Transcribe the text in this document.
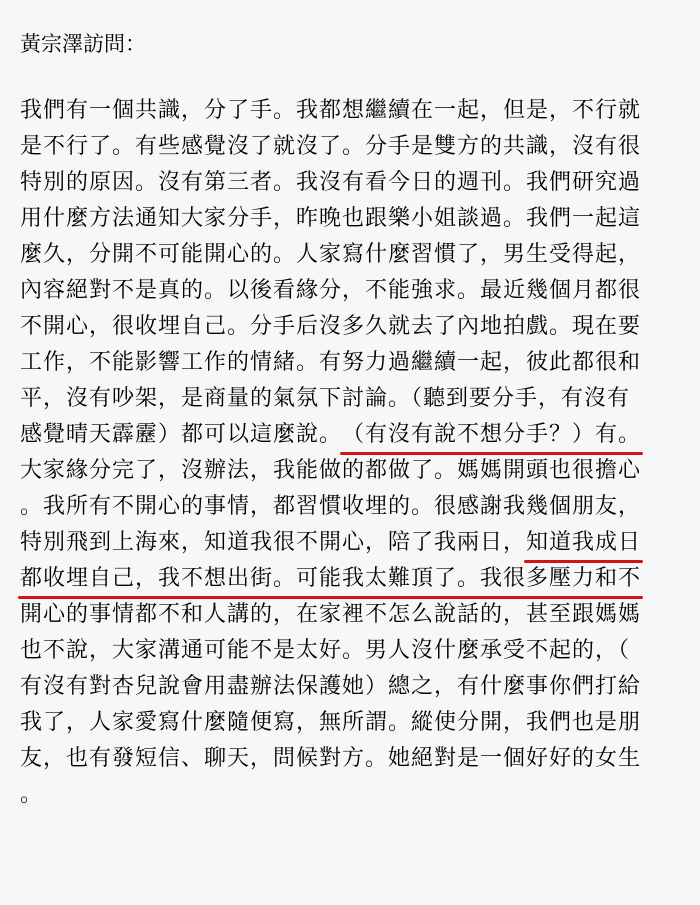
黃宗澤訪問：
我們有一個共識，分了手。我都想繼續在一起，但是，不行就
是不行了。有些感覺沒了就沒了。分手是雙方的共識，沒有很
特別的原因。沒有第三者。我沒有看今日的週刊。我們研究過
用什麼方法通知大家分手，昨晚也跟樂小姐談過。我們一起這
麼久，分開不可能開心的。人家寫什麼習慣了，男生受得起，
內容絕對不是真的。以後看緣分，不能強求。最近幾個月都很
不開心，很收埋自己。分手后沒多久就去了內地拍戲。現在要
工作，不能影響工作的情緒。有努力過繼續一起，彼此都很和
平，沒有吵架，是商量的氣氛下討論。（聽到要分手，有沒有
感覺晴天霹靂）都可以這麼說。（有沒有說不想分手？）有。
大家緣分完了，沒辦法，我能做的都做了。媽媽開頭也很擔心
。我所有不開心的事情，都習慣收埋的。很感謝我幾個朋友，
特別飛到上海來，知道我很不開心，陪了我兩日，知道我成日
都收埋自己，我不想出街。可能我太難頂了。我很多壓力和不
開心的事情都不和人講的，在家裡不怎么說話的，甚至跟媽媽
也不說，大家溝通可能不是太好。男人沒什麼承受不起的，（
有沒有對杏兒說會用盡辦法保護她）總之，有什麼事你們打給
我了，人家愛寫什麼隨便寫，無所謂。縱使分開，我們也是朋
友，也有發短信、聊天，問候對方。她絕對是一個好好的女生
。
